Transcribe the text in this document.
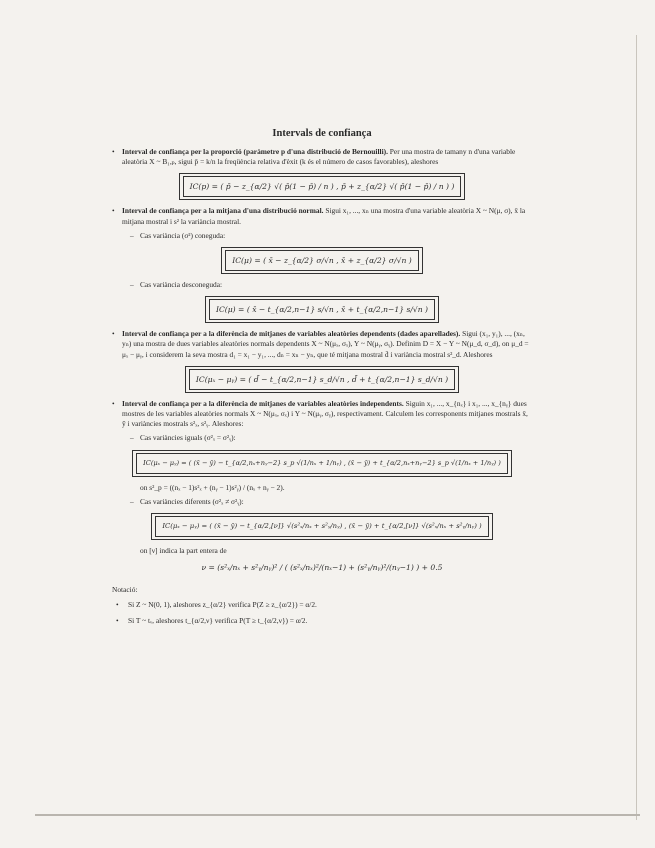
Intervals de confiança
• Interval de confiança per la proporció (paràmetre p d'una distribució de Bernouilli). Per una mostra de tamany n d'una variable aleatòria X ~ B₁,ₚ, sigui p̄ = k/n la freqüència relativa d'èxit (k és el número de casos favorables), aleshores
IC(p) = ( p̄ − z_{α/2} √( p̄(1 − p̄) / n ) , p̄ + z_{α/2} √( p̄(1 − p̄) / n ) )
• Interval de confiança per a la mitjana d'una distribució normal. Sigui x₁, ..., xₙ una mostra d'una variable aleatòria X ~ N(μ, σ), x̄ la mitjana mostral i s² la variància mostral.
– Cas variància (σ²) coneguda:
IC(μ) = ( x̄ − z_{α/2} σ/√n , x̄ + z_{α/2} σ/√n )
– Cas variància desconeguda:
IC(μ) = ( x̄ − t_{α/2,n−1} s/√n , x̄ + t_{α/2,n−1} s/√n )
• Interval de confiança per a la diferència de mitjanes de variables aleatòries dependents (dades aparellades). Sigui (x₁, y₁), ..., (xₙ, yₙ) una mostra de dues variables aleatòries normals dependents X ~ N(μₓ, σₓ), Y ~ N(μᵧ, σᵧ). Definim D = X − Y ~ N(μ_d, σ_d), on μ_d = μₓ − μᵧ, i considerem la seva mostra d₁ = x₁ − y₁, ..., dₙ = xₙ − yₙ, que té mitjana mostral d̄ i variància mostral s²_d. Aleshores
IC(μₓ − μᵧ) = ( d̄ − t_{α/2,n−1} s_d/√n , d̄ + t_{α/2,n−1} s_d/√n )
• Interval de confiança per a la diferència de mitjanes de variables aleatòries independents. Siguin x₁, ..., x_{nₓ} i x₁, ..., x_{nᵧ} dues mostres de les variables aleatòries normals X ~ N(μₓ, σₓ) i Y ~ N(μᵧ, σᵧ), respectivament. Calculem les corresponents mitjanes mostrals x̄, ȳ i variàncies mostrals s²ₓ, s²ᵧ. Aleshores:
– Cas variàncies iguals (σ²ₓ = σ²ᵧ):
IC(μₓ − μᵧ) = ( (x̄ − ȳ) − t_{α/2,nₓ+nᵧ−2} s_p √(1/nₓ + 1/nᵧ) , (x̄ − ȳ) + t_{α/2,nₓ+nᵧ−2} s_p √(1/nₓ + 1/nᵧ) )
on s²_p = ((nₓ − 1)s²ₓ + (nᵧ − 1)s²ᵧ) / (nₓ + nᵧ − 2).
– Cas variàncies diferents (σ²ₓ ≠ σ²ᵧ):
IC(μₓ − μᵧ) = ( (x̄ − ȳ) − t_{α/2,[ν]} √(s²ₓ/nₓ + s²ᵧ/nᵧ) , (x̄ − ȳ) + t_{α/2,[ν]} √(s²ₓ/nₓ + s²ᵧ/nᵧ) )
on [ν] indica la part entera de
ν = (s²ₓ/nₓ + s²ᵧ/nᵧ)² / ( (s²ₓ/nₓ)²/(nₓ−1) + (s²ᵧ/nᵧ)²/(nᵧ−1) ) + 0.5
Notació:
• Si Z ~ N(0, 1), aleshores z_{α/2} verifica P(Z ≥ z_{α/2}) = α/2.
• Si T ~ tᵥ, aleshores t_{α/2,ν} verifica P(T ≥ t_{α/2,ν}) = α/2.
